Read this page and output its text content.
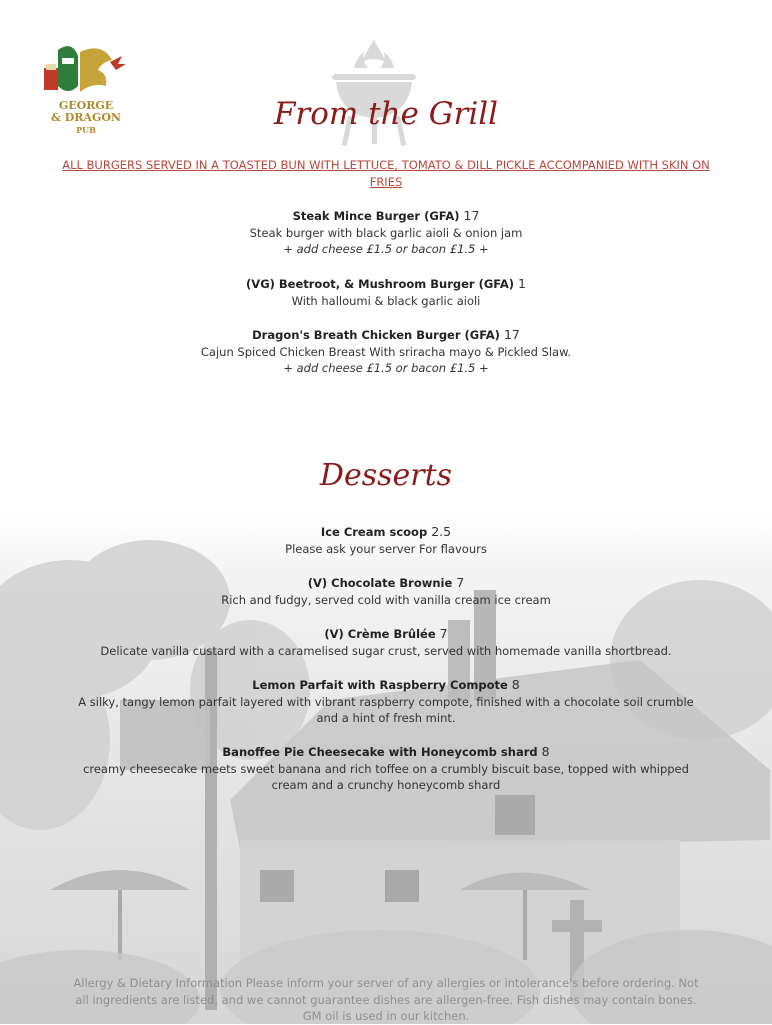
GEORGE
& DRAGON
PUB	From the Grill
ALL BURGERS SERVED IN A TOASTED BUN WITH LETTUCE, TOMATO & DILL PICKLE ACCOMPANIED WITH SKIN ON FRIES
Steak Mince Burger (GFA) 17
Steak burger with black garlic aioli & onion jam
+ add cheese £1.5 or bacon £1.5 +
(VG) Beetroot, & Mushroom Burger (GFA) 1
With halloumi & black garlic aioli
Dragon's Breath Chicken Burger (GFA) 17
Cajun Spiced Chicken Breast With sriracha mayo & Pickled Slaw.
+ add cheese £1.5 or bacon £1.5 +
Desserts
Ice Cream scoop 2.5
Please ask your server For flavours
(V) Chocolate Brownie 7
Rich and fudgy, served cold with vanilla cream ice cream
(V) Crème Brûlée 7
Delicate vanilla custard with a caramelised sugar crust, served with homemade vanilla shortbread.
Lemon Parfait with Raspberry Compote 8
A silky, tangy lemon parfait layered with vibrant raspberry compote, finished with a chocolate soil crumble and a hint of fresh mint.
Banoffee Pie Cheesecake with Honeycomb shard 8
creamy cheesecake meets sweet banana and rich toffee on a crumbly biscuit base, topped with whipped cream and a crunchy honeycomb shard
Allergy & Dietary Information Please inform your server of any allergies or intolerance's before ordering. Not all ingredients are listed, and we cannot guarantee dishes are allergen-free. Fish dishes may contain bones. GM oil is used in our kitchen.
